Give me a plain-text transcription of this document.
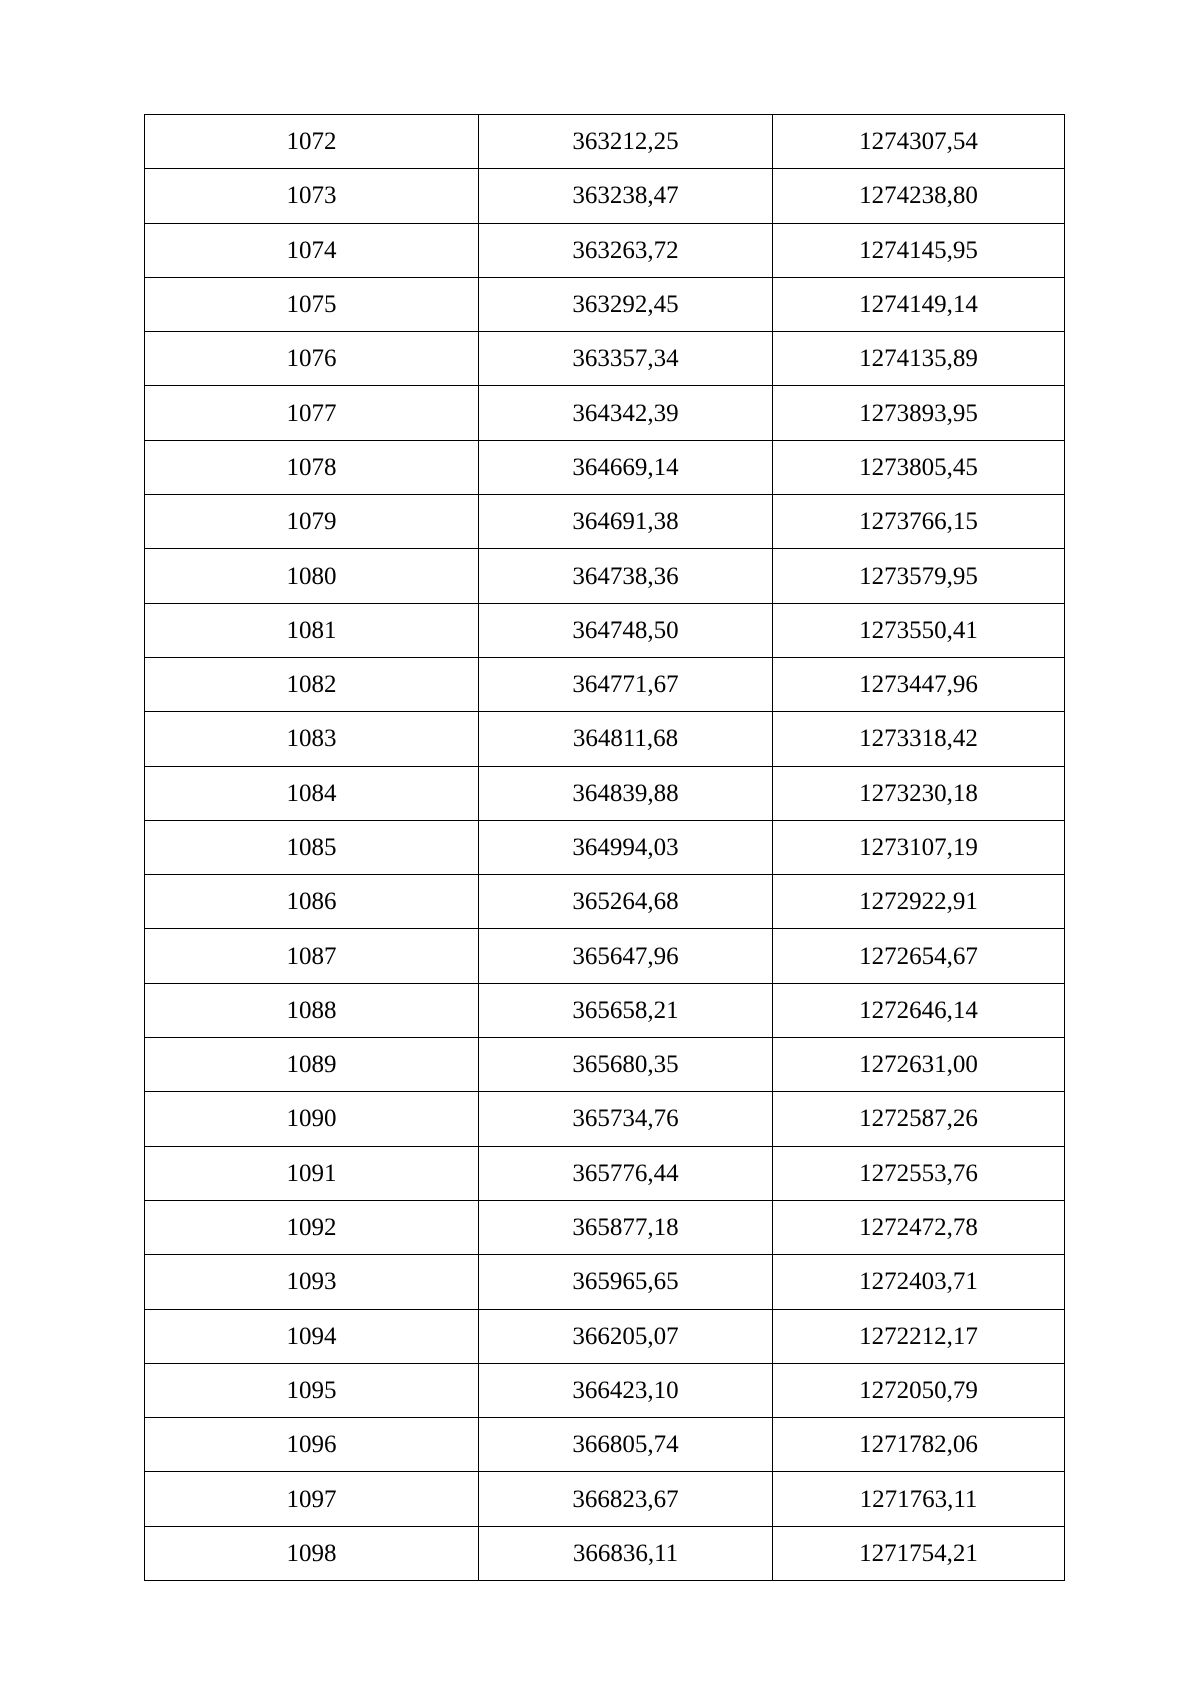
1072	363212,25	1274307,54
1073	363238,47	1274238,80
1074	363263,72	1274145,95
1075	363292,45	1274149,14
1076	363357,34	1274135,89
1077	364342,39	1273893,95
1078	364669,14	1273805,45
1079	364691,38	1273766,15
1080	364738,36	1273579,95
1081	364748,50	1273550,41
1082	364771,67	1273447,96
1083	364811,68	1273318,42
1084	364839,88	1273230,18
1085	364994,03	1273107,19
1086	365264,68	1272922,91
1087	365647,96	1272654,67
1088	365658,21	1272646,14
1089	365680,35	1272631,00
1090	365734,76	1272587,26
1091	365776,44	1272553,76
1092	365877,18	1272472,78
1093	365965,65	1272403,71
1094	366205,07	1272212,17
1095	366423,10	1272050,79
1096	366805,74	1271782,06
1097	366823,67	1271763,11
1098	366836,11	1271754,21
